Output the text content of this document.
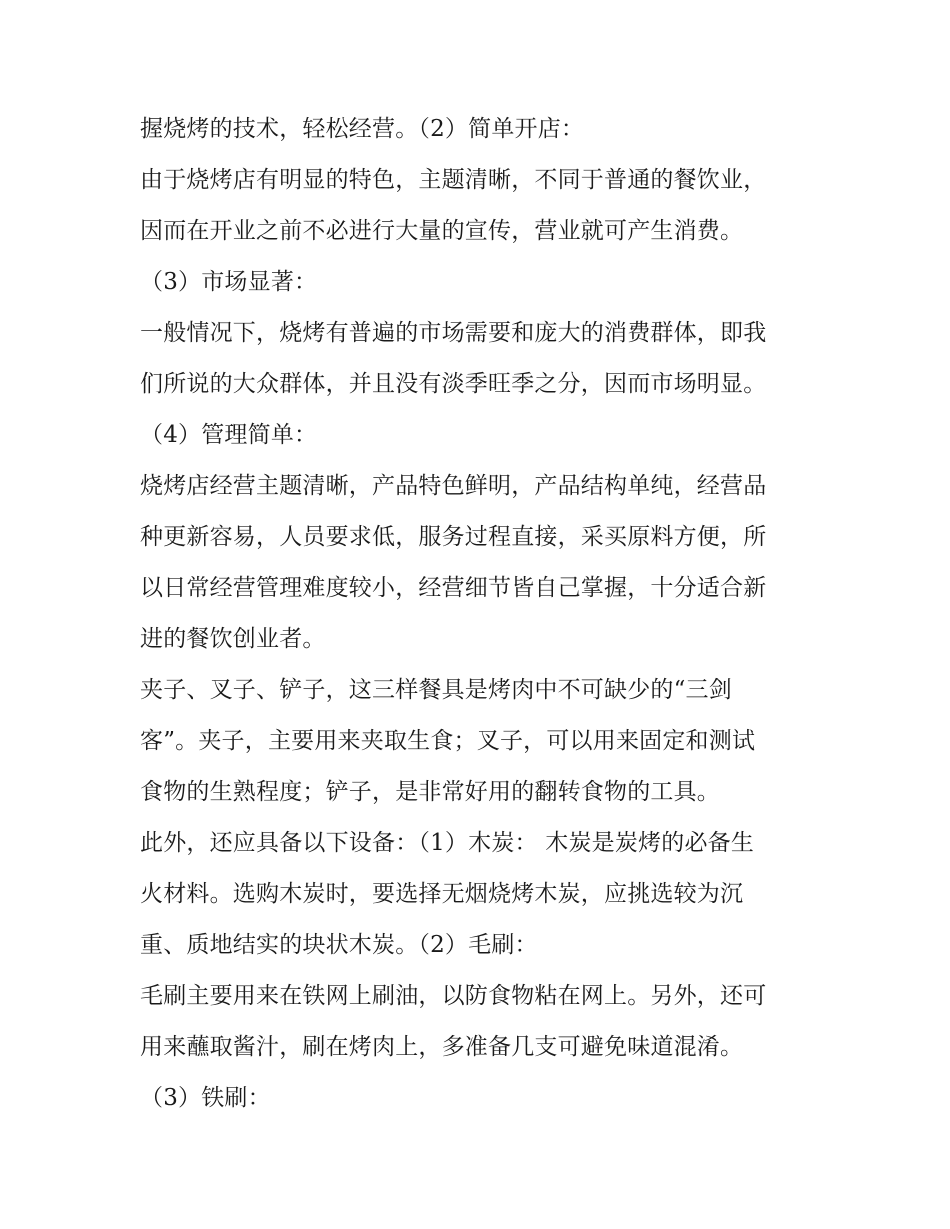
握烧烤的技术，轻松经营。（2）简单开店：
由于烧烤店有明显的特色，主题清晰，不同于普通的餐饮业，
因而在开业之前不必进行大量的宣传，营业就可产生消费。
（3）市场显著：
一般情况下，烧烤有普遍的市场需要和庞大的消费群体，即我
们所说的大众群体，并且没有淡季旺季之分，因而市场明显。
（4）管理简单：
烧烤店经营主题清晰，产品特色鲜明，产品结构单纯，经营品
种更新容易，人员要求低，服务过程直接，采买原料方便，所
以日常经营管理难度较小，经营细节皆自己掌握，十分适合新
进的餐饮创业者。
夹子、叉子、铲子，这三样餐具是烤肉中不可缺少的“三剑
客”。夹子，主要用来夹取生食；叉子，可以用来固定和测试
食物的生熟程度；铲子，是非常好用的翻转食物的工具。
此外，还应具备以下设备：（1）木炭： 木炭是炭烤的必备生
火材料。选购木炭时，要选择无烟烧烤木炭，应挑选较为沉
重、质地结实的块状木炭。（2）毛刷：
毛刷主要用来在铁网上刷油，以防食物粘在网上。另外，还可
用来蘸取酱汁，刷在烤肉上，多准备几支可避免味道混淆。
（3）铁刷：
